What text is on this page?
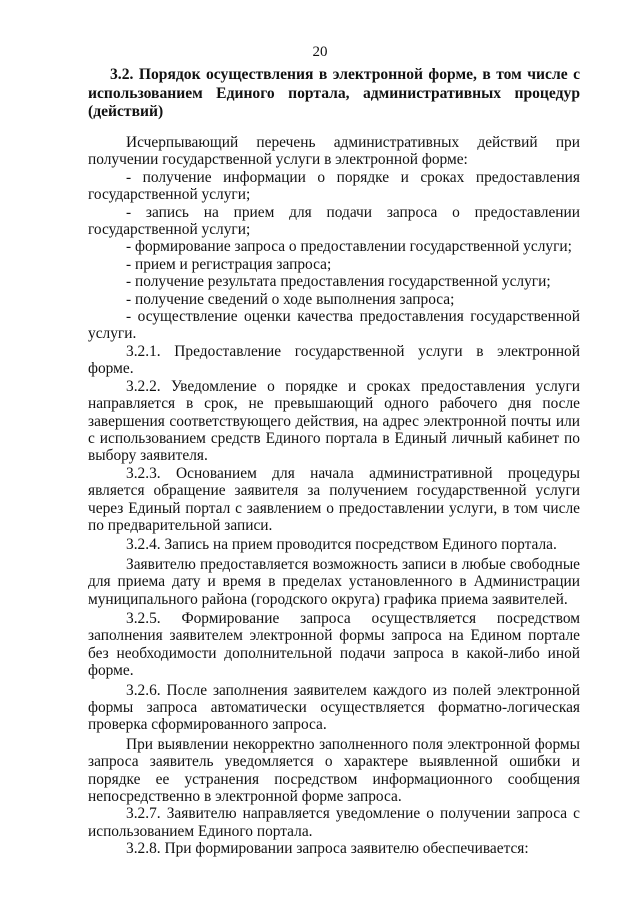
20
3.2. Порядок осуществления в электронной форме, в том числе с использованием Единого портала, административных процедур (действий)

Исчерпывающий перечень административных действий при получении государственной услуги в электронной форме:

- получение информации о порядке и сроках предоставления государственной услуги;

- запись на прием для подачи запроса о предоставлении государственной услуги;

- формирование запроса о предоставлении государственной услуги;

- прием и регистрация запроса;

- получение результата предоставления государственной услуги;

- получение сведений о ходе выполнения запроса;

- осуществление оценки качества предоставления государственной услуги.

3.2.1. Предоставление государственной услуги в электронной форме.

3.2.2. Уведомление о порядке и сроках предоставления услуги направляется в срок, не превышающий одного рабочего дня после завершения соответствующего действия, на адрес электронной почты или с использованием средств Единого портала в Единый личный кабинет по выбору заявителя.

3.2.3. Основанием для начала административной процедуры является обращение заявителя за получением государственной услуги через Единый портал с заявлением о предоставлении услуги, в том числе по предварительной записи.

3.2.4. Запись на прием проводится посредством Единого портала.

Заявителю предоставляется возможность записи в любые свободные для приема дату и время в пределах установленного в Администрации муниципального района (городского округа) графика приема заявителей.

3.2.5. Формирование запроса осуществляется посредством заполнения заявителем электронной формы запроса на Едином портале без необходимости дополнительной подачи запроса в какой-либо иной форме.

3.2.6. После заполнения заявителем каждого из полей электронной формы запроса автоматически осуществляется форматно-логическая проверка сформированного запроса.

При выявлении некорректно заполненного поля электронной формы запроса заявитель уведомляется о характере выявленной ошибки и порядке ее устранения посредством информационного сообщения непосредственно в электронной форме запроса.

3.2.7. Заявителю направляется уведомление о получении запроса с использованием Единого портала.

3.2.8. При формировании запроса заявителю обеспечивается:
